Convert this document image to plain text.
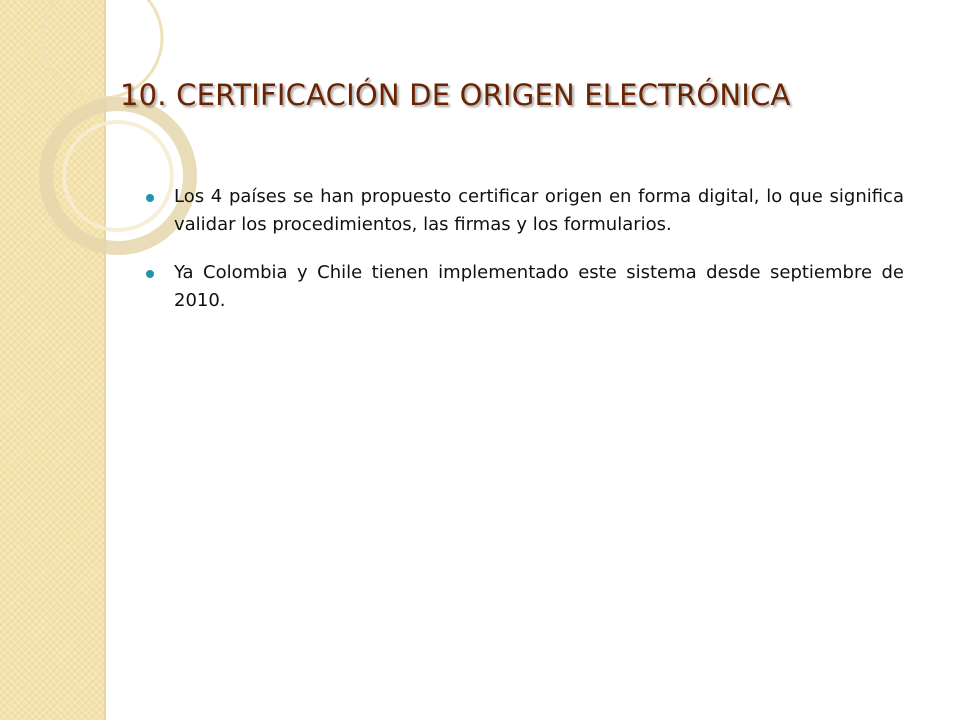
10. CERTIFICACIÓN DE ORIGEN ELECTRÓNICA
Los 4 países se han propuesto certificar origen en forma digital, lo que significa validar los procedimientos, las firmas y los formularios.
Ya Colombia y Chile tienen implementado este sistema desde septiembre de 2010.
